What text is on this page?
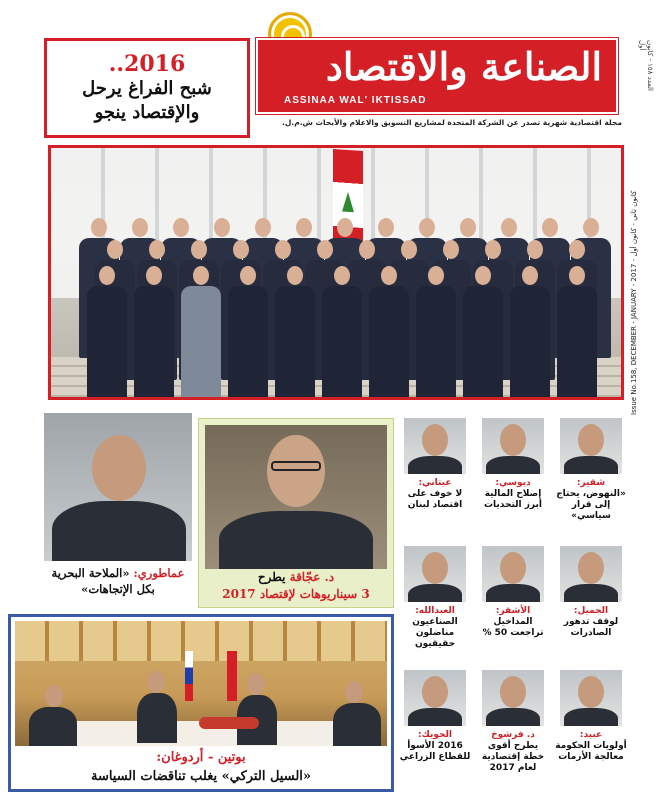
الصناعة والاقتصاد
ASSINAA WAL' IKTISSAD
العدد ١٥٨ - كانون أول
مجلة اقتصادية شهرية تصدر عن الشركة المتحدة لمشاريع التسويق والاعلام والأبحاث ش.م.ل.
Issue No.158, DECEMBER - JANUARY - 2017 - كانون ثاني - كانون أول
2016..
شبح الفراغ يرحل
والإقتصاد ينجو
عماطوري: «الملاحة البحرية بكل الإتجاهات»
د. عجّاقة يطرح
3 سيناريوهات لإقتصاد 2017
شقير:
«النهوض، يحتاج إلى قرار سياسي»
ديوسي:
إصلاح المالية أبرز التحديات
عيتاني:
لا خوف على اقتصاد لبنان
الجميل:
لوقف تدهور الصادرات
الأشقر:
المداخيل تراجعت 50 %
العبدالله:
الصناعيون مناضلون حقيقيون
عبيد:
أولويات الحكومة معالجة الأزمات
د. فرشوخ
يطرح أقوى خطة إقتصادية لعام 2017
الحويك:
2016 الأسوأ للقطاع الزراعي
بوتين - أردوغان:
«السيل التركي» يغلب تناقضات السياسة
